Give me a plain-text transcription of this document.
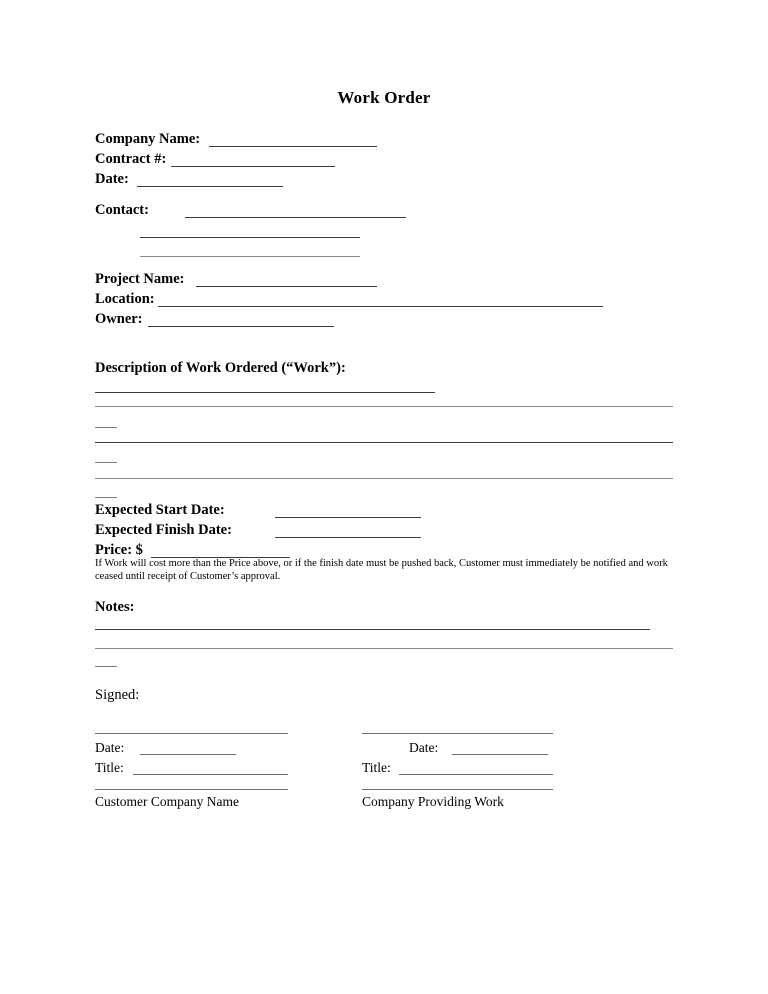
Work Order
Company Name:
Contract #:
Date:
Contact:
Project Name:
Location:
Owner:
Description of Work Ordered (“Work”):
Expected Start Date:
Expected Finish Date:
Price: $
If Work will cost more than the Price above, or if the finish date must be pushed back, Customer must immediately be notified and work ceased until receipt of Customer’s approval.
Notes:
Signed:
Date:
Title:
Customer Company Name
Date:
Title:
Company Providing Work
